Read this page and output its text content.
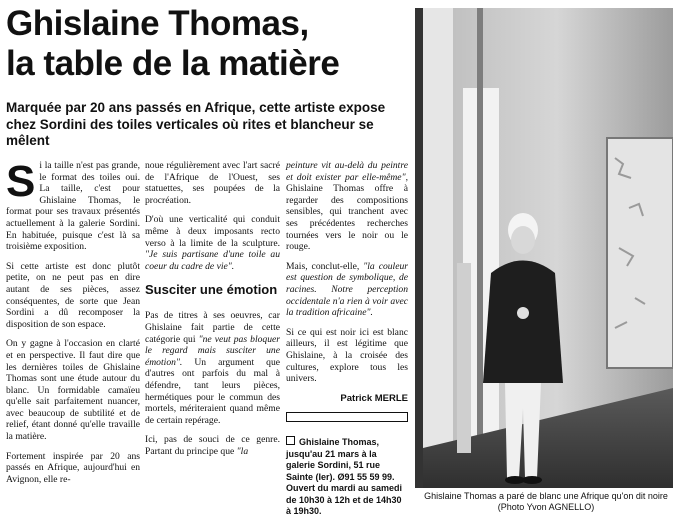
Ghislaine Thomas,
la table de la matière

Marquée par 20 ans passés en Afrique, cette artiste expose chez Sordini des toiles verticales où rites et blancheur se mêlent

S i la taille n'est pas grande, le format des toiles oui. La taille, c'est pour Ghislaine Thomas, le format pour ses travaux présentés actuellement à la galerie Sordini. En habituée, puisque c'est là sa troisième exposition.

Si cette artiste est donc plutôt petite, on ne peut pas en dire autant de ses pièces, assez conséquentes, de sorte que Jean Sordini a dû recomposer la disposition de son espace.

On y gagne à l'occasion en clarté et en perspective. Il faut dire que les dernières toiles de Ghislaine Thomas sont une étude autour du blanc. Un formidable camaïeu qu'elle sait parfaitement nuancer, avec beaucoup de subtilité et de relief, étant donné qu'elle travaille la matière.

Fortement inspirée par 20 ans passés en Afrique, aujourd'hui en Avignon, elle re-

noue régulièrement avec l'art sacré de l'Afrique de l'Ouest, ses statuettes, ses poupées de la procréation.

D'où une verticalité qui conduit même à deux imposants recto verso à la limite de la sculpture. "Je suis partisane d'une toile au coeur du cadre de vie".

Susciter une émotion

Pas de titres à ses oeuvres, car Ghislaine fait partie de cette catégorie qui "ne veut pas bloquer le regard mais susciter une émotion". Un argument que d'autres ont parfois du mal à défendre, tant leurs pièces, hermétiques pour le commun des mortels, mériteraient quand même de certain repérage.

Ici, pas de souci de ce genre. Partant du principe que "la

peinture vit au-delà du peintre et doit exister par elle-même", Ghislaine Thomas offre à regarder des compositions sensibles, qui tranchent avec ses précédentes recherches tournées vers le noir ou le rouge.

Mais, conclut-elle, "la couleur est question de symbolique, de racines. Notre perception occidentale n'a rien à voir avec la tradition africaine".

Si ce qui est noir ici est blanc ailleurs, il est légitime que Ghislaine, à la croisée des cultures, explore tous les univers.

Patrick MERLE

Ghislaine Thomas, jusqu'au 21 mars à la galerie Sordini, 51 rue Sainte (Ier). Ø91 55 59 99. Ouvert du mardi au samedi de 10h30 à 12h et de 14h30 à 19h30.

Ghislaine Thomas a paré de blanc une Afrique qu'on dit noire (Photo Yvon AGNELLO)
